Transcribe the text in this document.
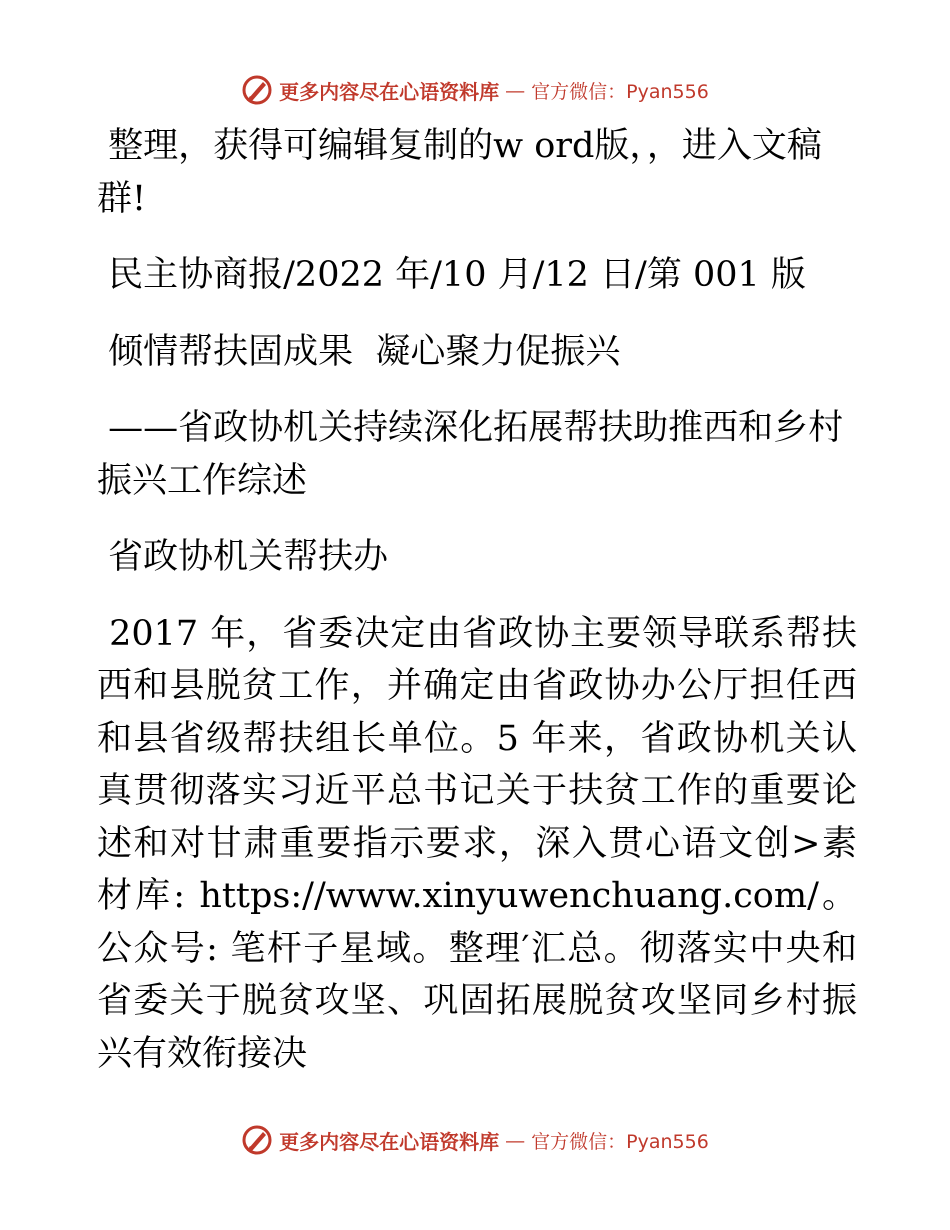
更多内容尽在心语资料库 — 官方微信：Pyan556

整理，获得可编辑复制的w ord版，，进入文稿群!

民主协商报/2022 年/10 月/12 日/第 001 版

倾情帮扶固成果  凝心聚力促振兴

——省政协机关持续深化拓展帮扶助推西和乡村振兴工作综述

省政协机关帮扶办

2017 年，省委决定由省政协主要领导联系帮扶西和县脱贫工作，并确定由省政协办公厅担任西和县省级帮扶组长单位。5 年来，省政协机关认真贯彻落实习近平总书记关于扶贫工作的重要论述和对甘肃重要指示要求，深入贯心语文创>素材库: https://www.xinyuwenchuang.com/。公众号: 笔杆子星域。整理′汇总。彻落实中央和省委关于脱贫攻坚、巩固拓展脱贫攻坚同乡村振兴有效衔接决

更多内容尽在心语资料库 — 官方微信：Pyan556
